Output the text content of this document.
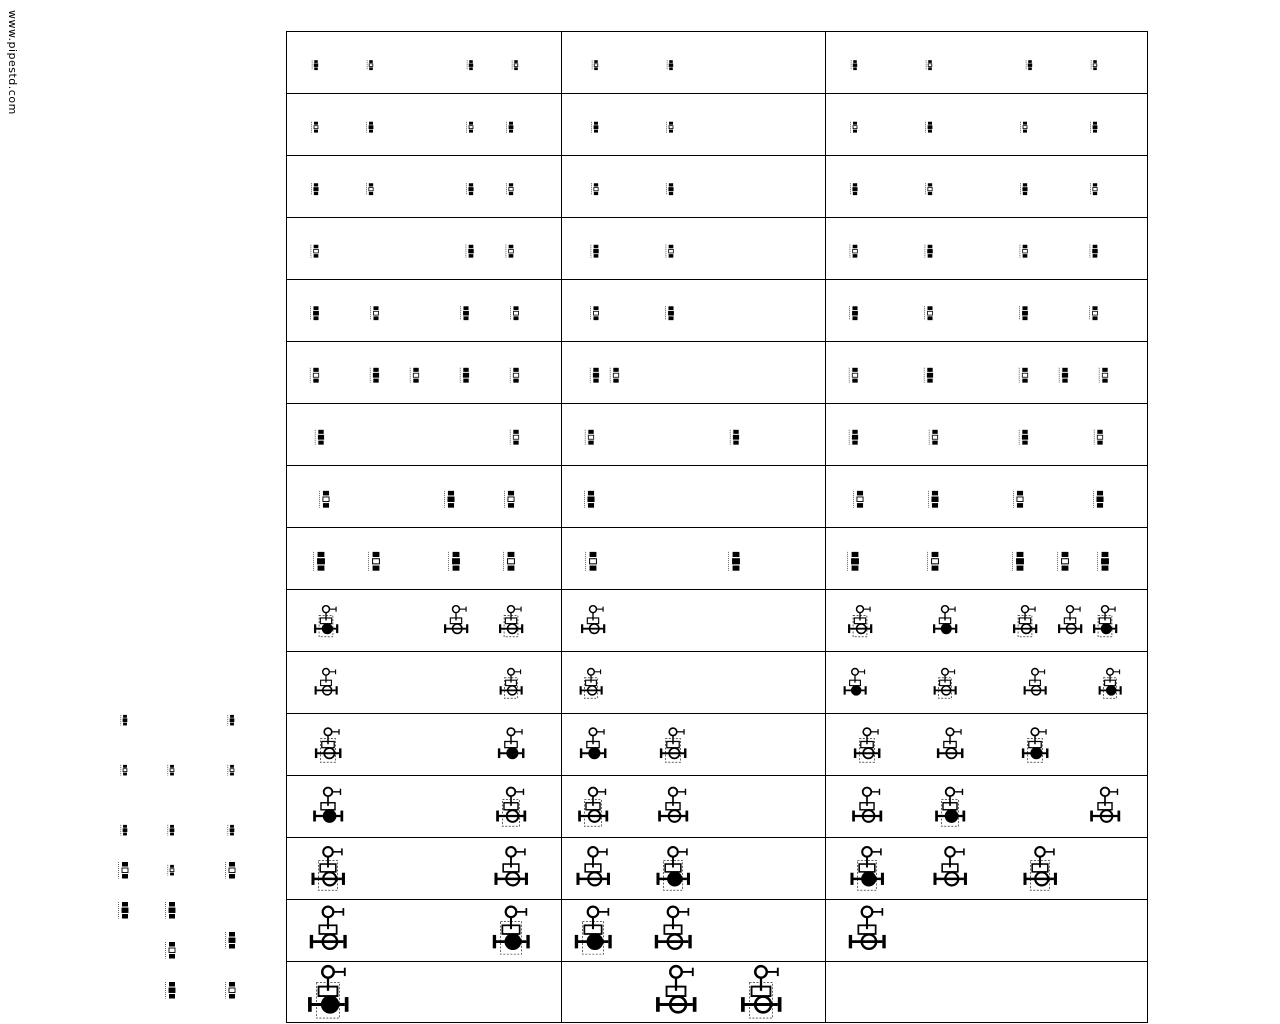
www.pipestd.com
